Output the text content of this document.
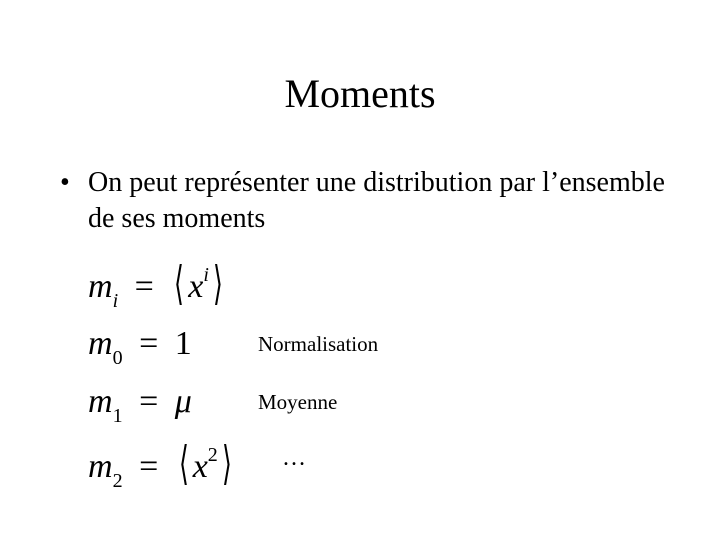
Moments
• On peut représenter une distribution par l’ensemble de ses moments
$m_i$ = ⟨ $x^i⟩$
$m_0 = 1$
$m_1 = \mu$
$m_2$ = ⟨ $x^2⟩$
Normalisation
Moyenne
…
